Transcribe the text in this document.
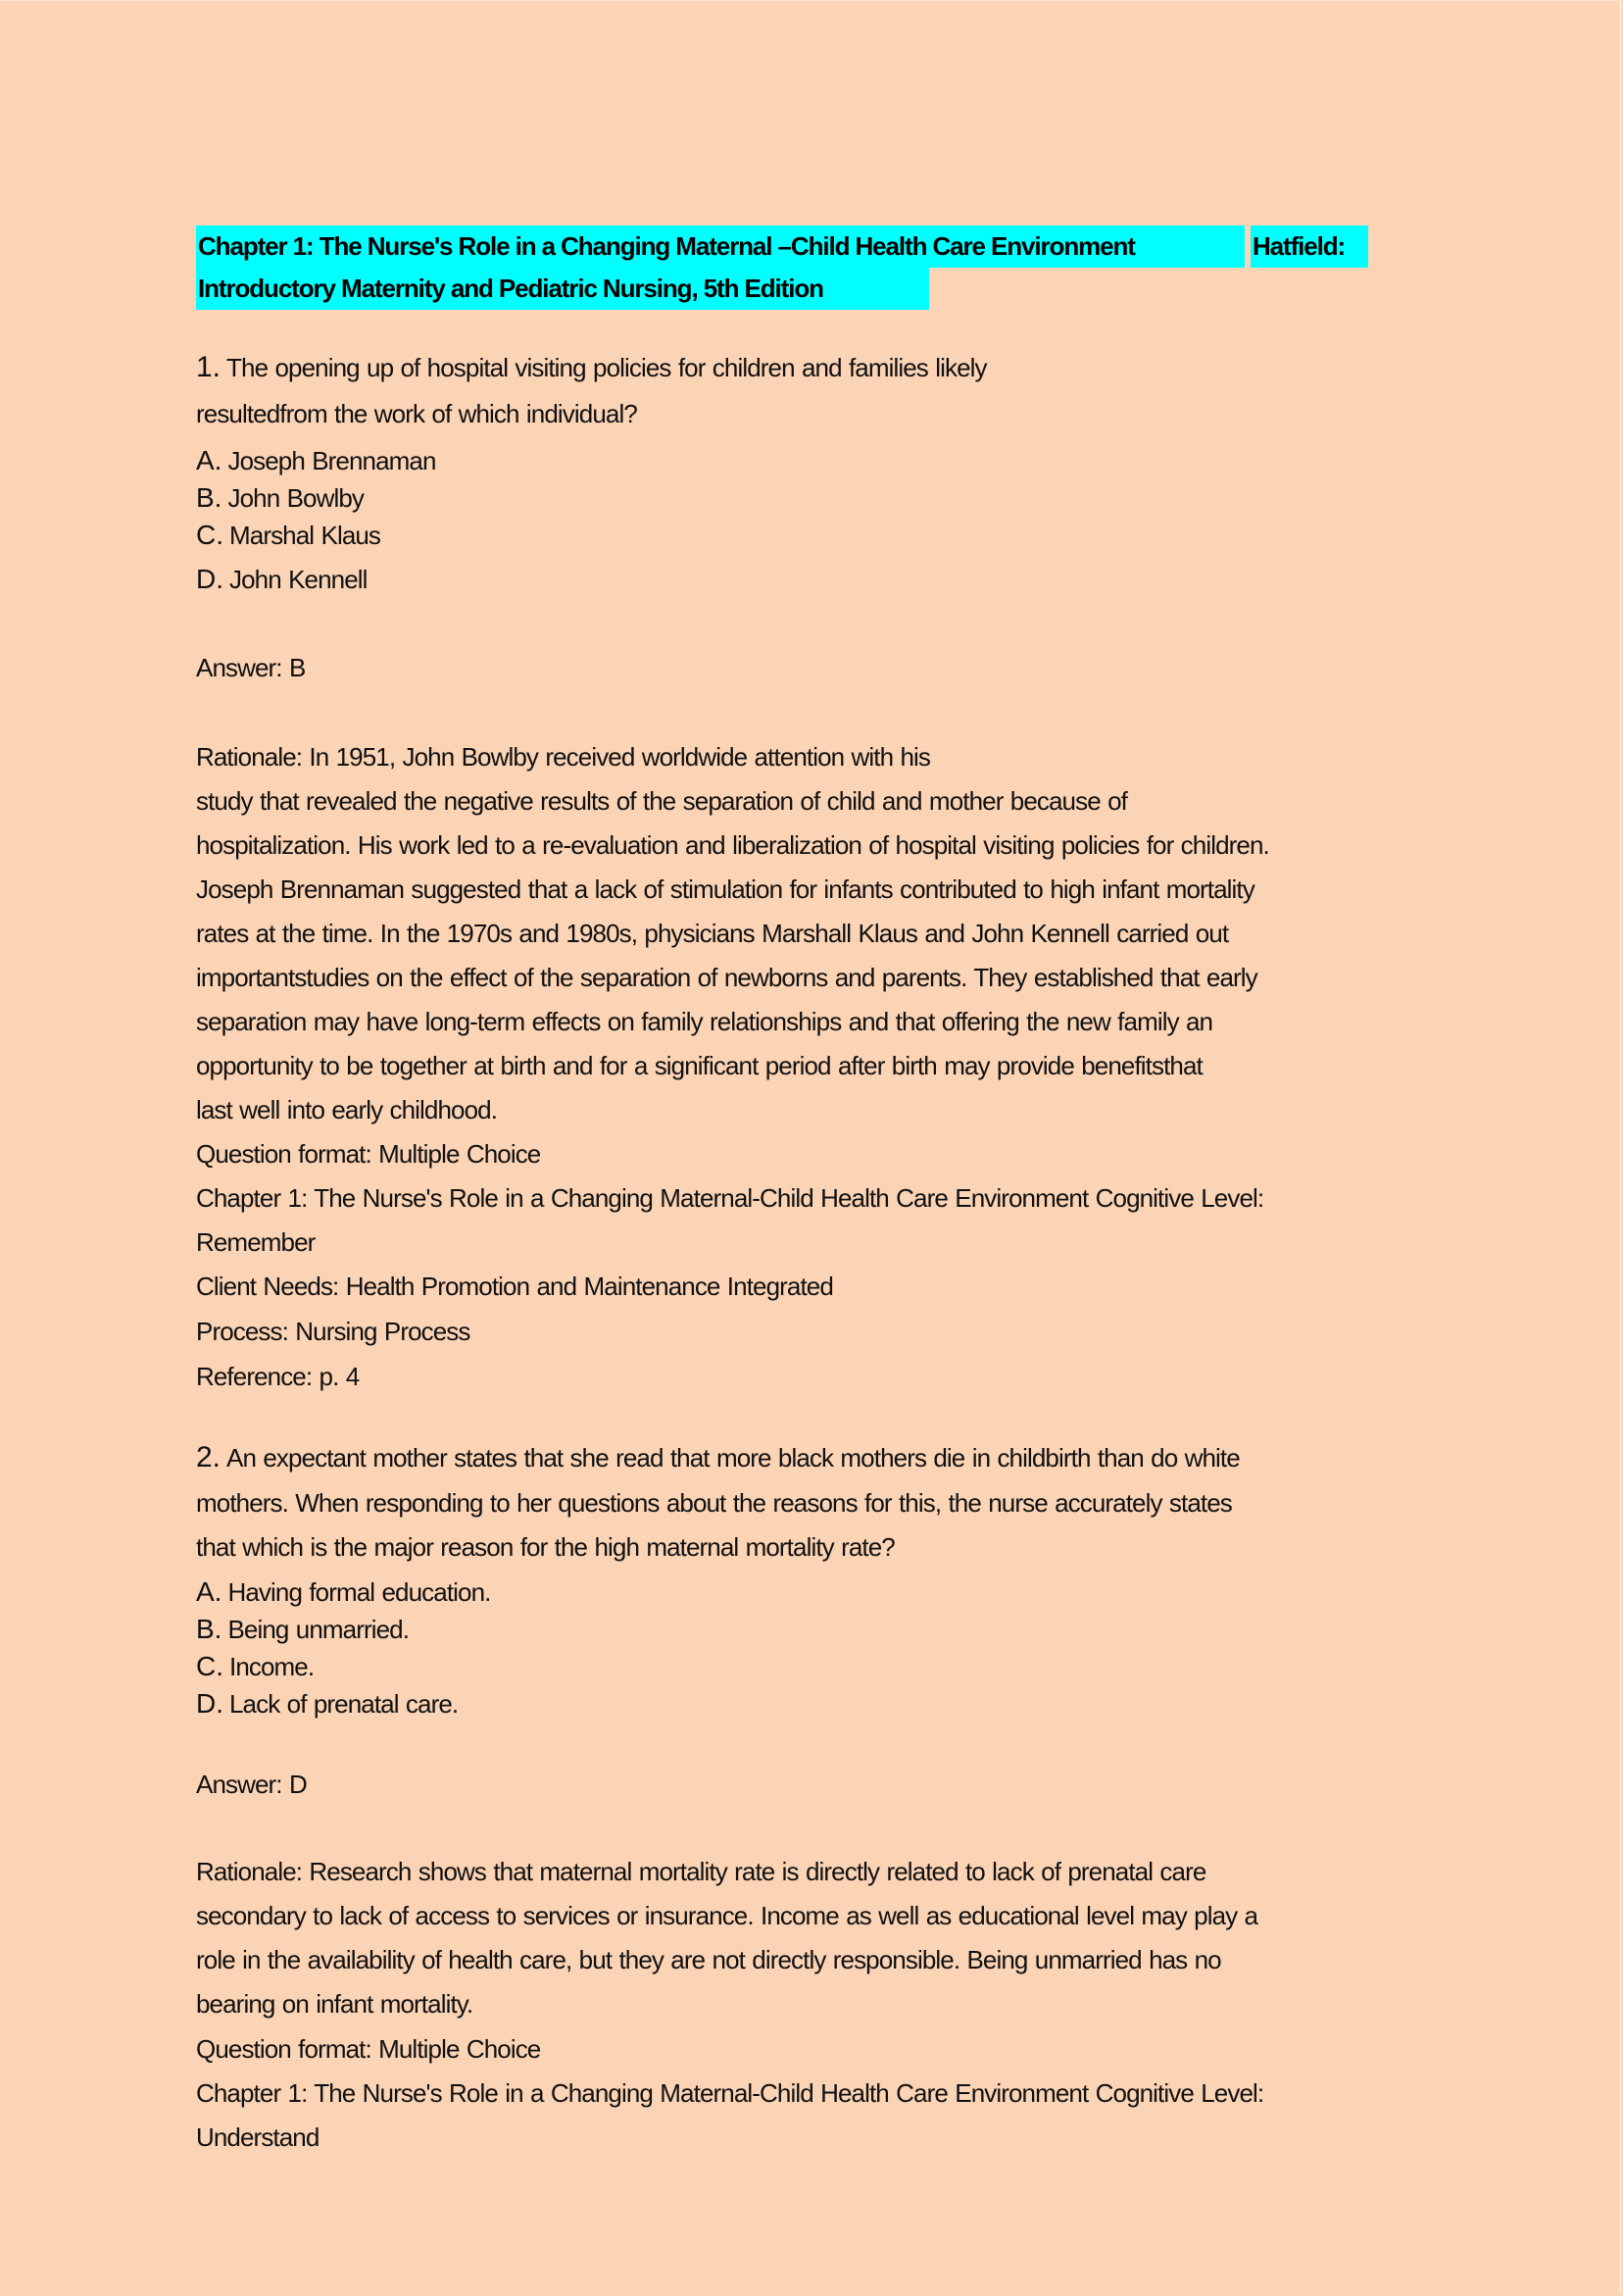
Chapter 1: The Nurse's Role in a Changing Maternal –Child Health Care Environment	Hatfield:
Introductory Maternity and Pediatric Nursing, 5th Edition
1. The opening up of hospital visiting policies for children and families likely
resultedfrom the work of which individual?
A. Joseph Brennaman
B. John Bowlby
C. Marshal Klaus
D. John Kennell
Answer: B
Rationale: In 1951, John Bowlby received worldwide attention with his
study that revealed the negative results of the separation of child and mother because of
hospitalization. His work led to a re-evaluation and liberalization of hospital visiting policies for children.
Joseph Brennaman suggested that a lack of stimulation for infants contributed to high infant mortality
rates at the time. In the 1970s and 1980s, physicians Marshall Klaus and John Kennell carried out
importantstudies on the effect of the separation of newborns and parents. They established that early
separation may have long-term effects on family relationships and that offering the new family an
opportunity to be together at birth and for a significant period after birth may provide benefitsthat
last well into early childhood.
Question format: Multiple Choice
Chapter 1: The Nurse's Role in a Changing Maternal-Child Health Care Environment Cognitive Level:
Remember
Client Needs: Health Promotion and Maintenance Integrated
Process: Nursing Process
Reference: p. 4
2. An expectant mother states that she read that more black mothers die in childbirth than do white
mothers. When responding to her questions about the reasons for this, the nurse accurately states
that which is the major reason for the high maternal mortality rate?
A. Having formal education.
B. Being unmarried.
C. Income.
D. Lack of prenatal care.
Answer: D
Rationale: Research shows that maternal mortality rate is directly related to lack of prenatal care
secondary to lack of access to services or insurance. Income as well as educational level may play a
role in the availability of health care, but they are not directly responsible. Being unmarried has no
bearing on infant mortality.
Question format: Multiple Choice
Chapter 1: The Nurse's Role in a Changing Maternal-Child Health Care Environment Cognitive Level:
Understand
